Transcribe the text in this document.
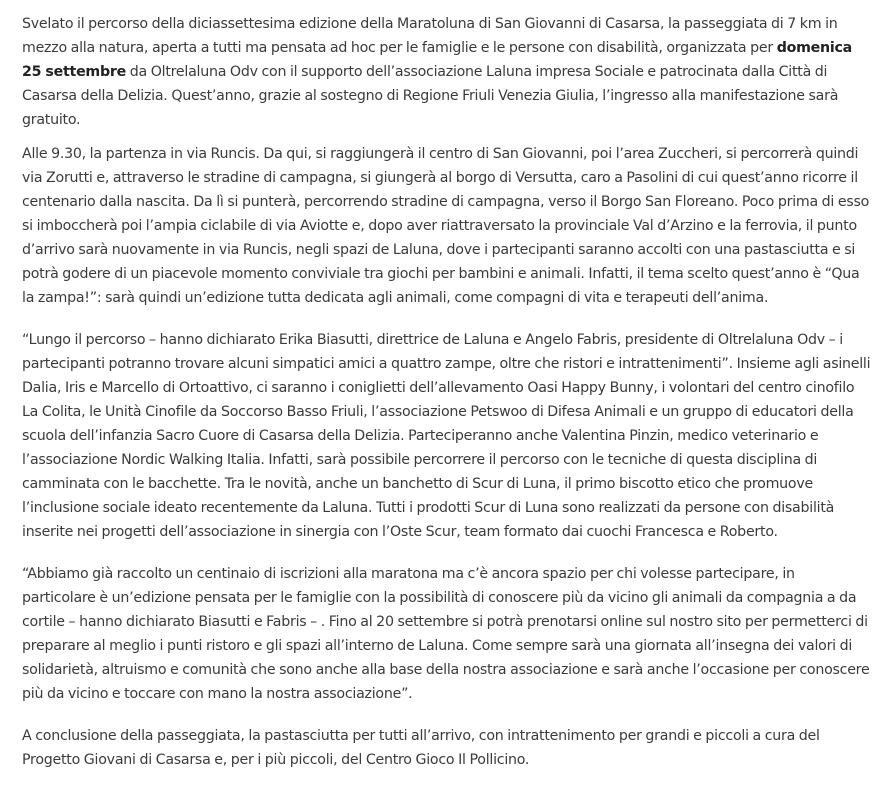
Svelato il percorso della diciassettesima edizione della Maratoluna di San Giovanni di Casarsa, la passeggiata di 7 km in mezzo alla natura, aperta a tutti ma pensata ad hoc per le famiglie e le persone con disabilità, organizzata per domenica 25 settembre da Oltrelaluna Odv con il supporto dell’associazione Laluna impresa Sociale e patrocinata dalla Città di Casarsa della Delizia. Quest’anno, grazie al sostegno di Regione Friuli Venezia Giulia, l’ingresso alla manifestazione sarà gratuito.

Alle 9.30, la partenza in via Runcis. Da qui, si raggiungerà il centro di San Giovanni, poi l’area Zuccheri, si percorrerà quindi via Zorutti e, attraverso le stradine di campagna, si giungerà al borgo di Versutta, caro a Pasolini di cui quest’anno ricorre il centenario dalla nascita. Da lì si punterà, percorrendo stradine di campagna, verso il Borgo San Floreano. Poco prima di esso si imboccherà poi l’ampia ciclabile di via Aviotte e, dopo aver riattraversato la provinciale Val d’Arzino e la ferrovia, il punto d’arrivo sarà nuovamente in via Runcis, negli spazi de Laluna, dove i partecipanti saranno accolti con una pastasciutta e si potrà godere di un piacevole momento conviviale tra giochi per bambini e animali. Infatti, il tema scelto quest’anno è “Qua la zampa!”: sarà quindi un’edizione tutta dedicata agli animali, come compagni di vita e terapeuti dell’anima.

“Lungo il percorso – hanno dichiarato Erika Biasutti, direttrice de Laluna e Angelo Fabris, presidente di Oltrelaluna Odv – i partecipanti potranno trovare alcuni simpatici amici a quattro zampe, oltre che ristori e intrattenimenti”. Insieme agli asinelli Dalia, Iris e Marcello di Ortoattivo, ci saranno i coniglietti dell’allevamento Oasi Happy Bunny, i volontari del centro cinofilo La Colita, le Unità Cinofile da Soccorso Basso Friuli, l’associazione Petswoo di Difesa Animali e un gruppo di educatori della scuola dell’infanzia Sacro Cuore di Casarsa della Delizia. Parteciperanno anche Valentina Pinzin, medico veterinario e l’associazione Nordic Walking Italia. Infatti, sarà possibile percorrere il percorso con le tecniche di questa disciplina di camminata con le bacchette. Tra le novità, anche un banchetto di Scur di Luna, il primo biscotto etico che promuove l’inclusione sociale ideato recentemente da Laluna. Tutti i prodotti Scur di Luna sono realizzati da persone con disabilità inserite nei progetti dell’associazione in sinergia con l’Oste Scur, team formato dai cuochi Francesca e Roberto.

“Abbiamo già raccolto un centinaio di iscrizioni alla maratona ma c’è ancora spazio per chi volesse partecipare, in particolare è un’edizione pensata per le famiglie con la possibilità di conoscere più da vicino gli animali da compagnia a da cortile – hanno dichiarato Biasutti e Fabris – . Fino al 20 settembre si potrà prenotarsi online sul nostro sito per permetterci di preparare al meglio i punti ristoro e gli spazi all’interno de Laluna. Come sempre sarà una giornata all’insegna dei valori di solidarietà, altruismo e comunità che sono anche alla base della nostra associazione e sarà anche l’occasione per conoscere più da vicino e toccare con mano la nostra associazione”.

A conclusione della passeggiata, la pastasciutta per tutti all’arrivo, con intrattenimento per grandi e piccoli a cura del Progetto Giovani di Casarsa e, per i più piccoli, del Centro Gioco Il Pollicino.
